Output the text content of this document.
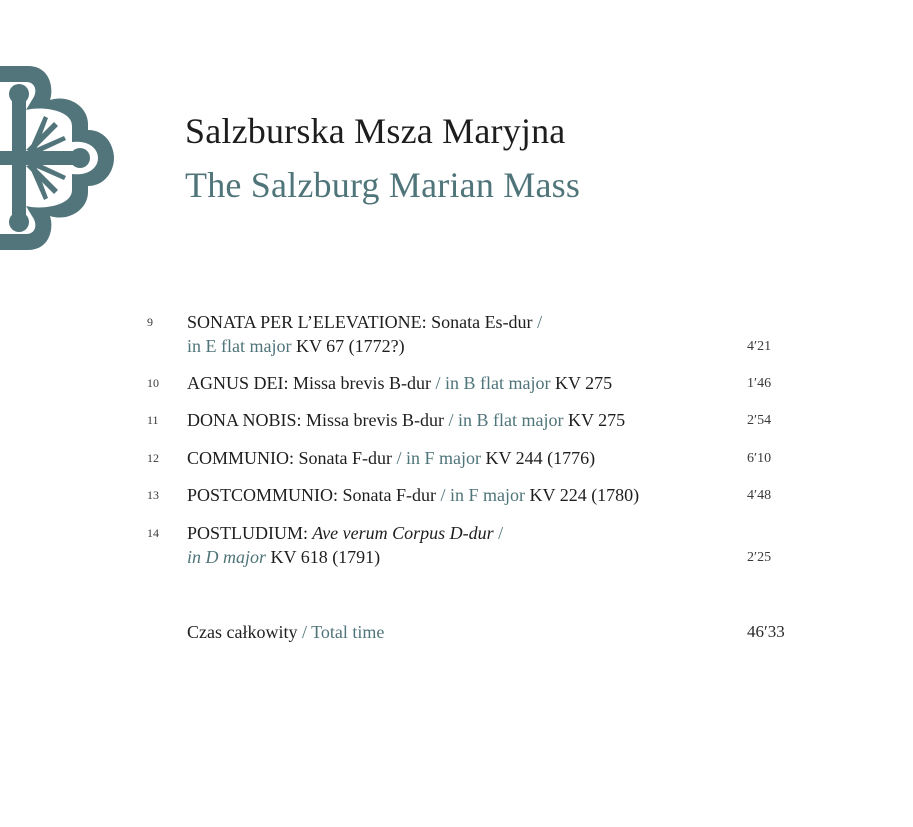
Salzburska Msza Maryjna
The Salzburg Marian Mass
9	SONATA PER L’ELEVATIONE: Sonata Es-dur /
in E flat major KV 67 (1772?)	4′21
10	AGNUS DEI: Missa brevis B-dur / in B flat major KV 275	1′46
11	DONA NOBIS: Missa brevis B-dur / in B flat major KV 275	2′54
12	COMMUNIO: Sonata F-dur / in F major KV 244 (1776)	6′10
13	POSTCOMMUNIO: Sonata F-dur / in F major KV 224 (1780)	4′48
14	POSTLUDIUM: Ave verum Corpus D-dur /
in D major KV 618 (1791)	2′25
Czas całkowity / Total time	46′33
